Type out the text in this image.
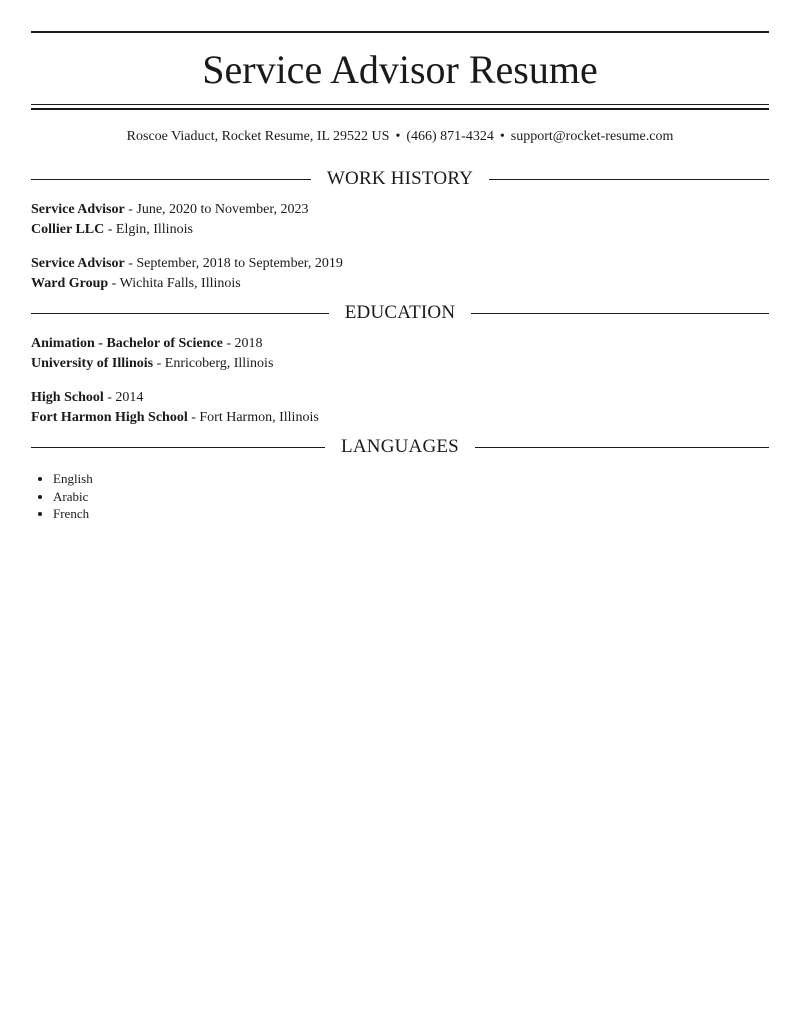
Service Advisor Resume
Roscoe Viaduct, Rocket Resume, IL 29522 US • (466) 871-4324 • support@rocket-resume.com
WORK HISTORY
Service Advisor - June, 2020 to November, 2023
Collier LLC - Elgin, Illinois
Service Advisor - September, 2018 to September, 2019
Ward Group - Wichita Falls, Illinois
EDUCATION
Animation - Bachelor of Science - 2018
University of Illinois - Enricoberg, Illinois
High School - 2014
Fort Harmon High School - Fort Harmon, Illinois
LANGUAGES
• English
• Arabic
• French
